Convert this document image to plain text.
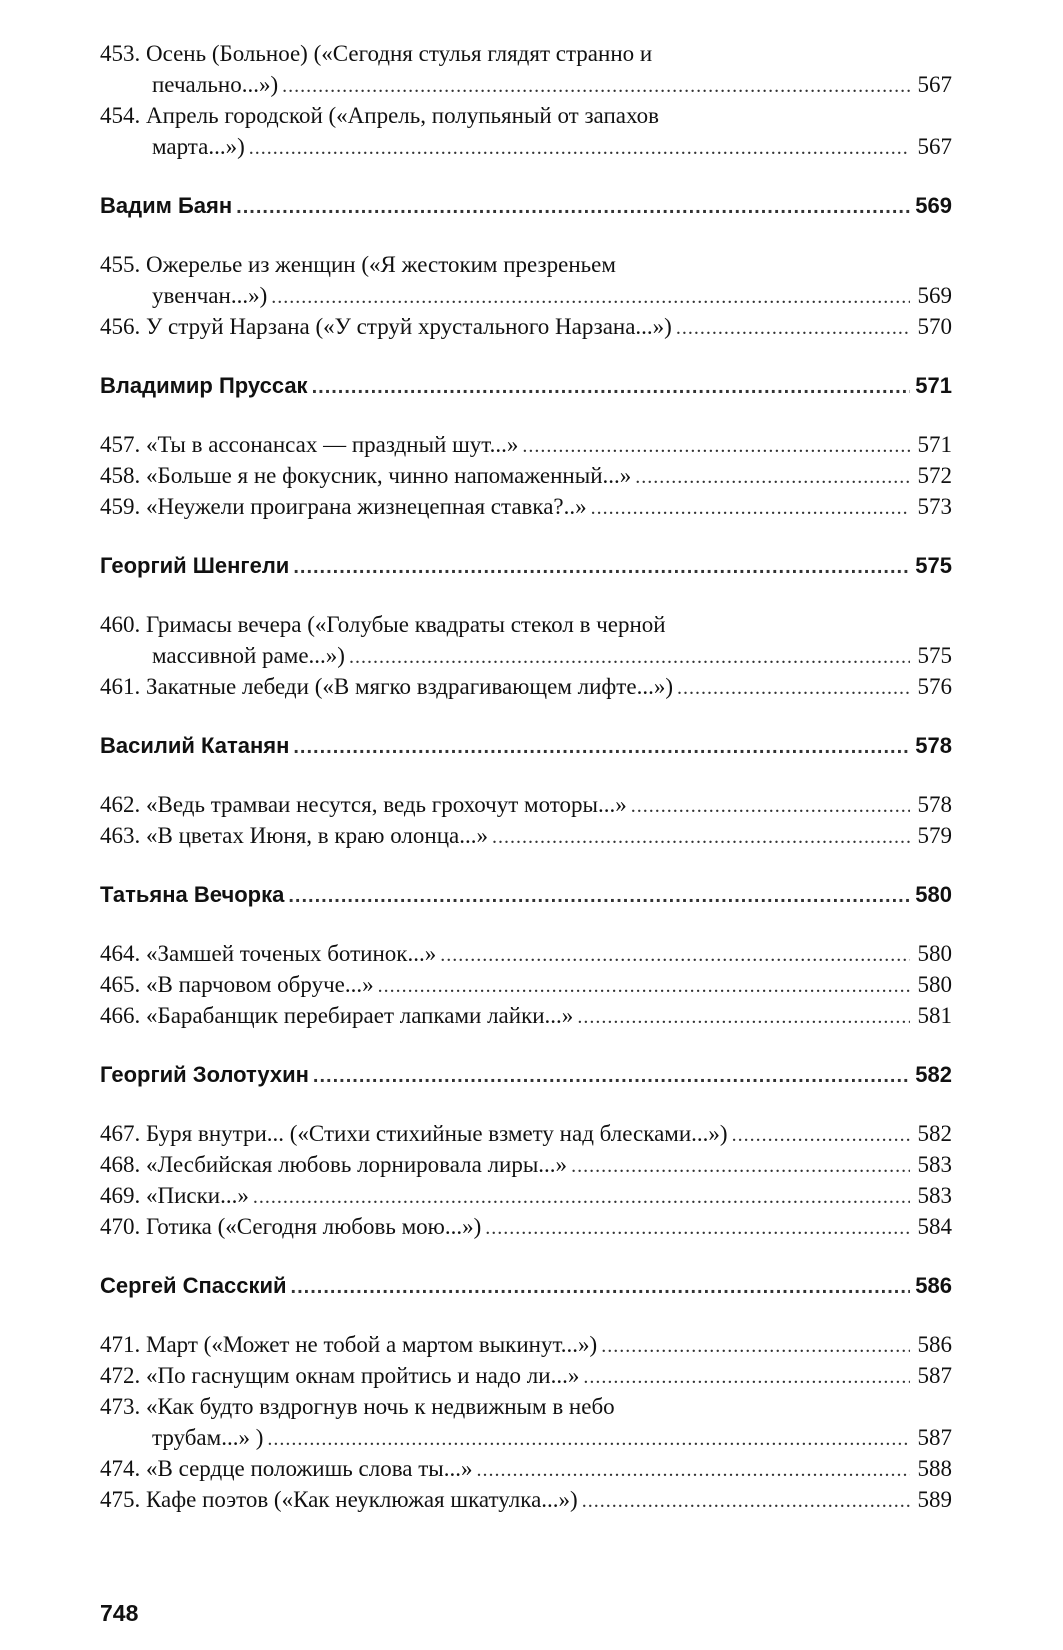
453. Осень (Больное) («Сегодня стулья глядят странно и
печально...») .....	567
454. Апрель городской («Апрель, полупьяный от запахов
марта...») .....	567
Вадим Баян .....	569
455. Ожерелье из женщин («Я жестоким презреньем
увенчан...») .....	569
456. У струй Нарзана («У струй хрустального Нарзана...») .....	570
Владимир Пруссак .....	571
457. «Ты в ассонансах — праздный шут...» .....	571
458. «Больше я не фокусник, чинно напомаженный...» .....	572
459. «Неужели проиграна жизнецепная ставка?..» .....	573
Георгий Шенгели .....	575
460. Гримасы вечера («Голубые квадраты стекол в черной
массивной раме...») .....	575
461. Закатные лебеди («В мягко вздрагивающем лифте...») .....	576
Василий Катанян .....	578
462. «Ведь трамваи несутся, ведь грохочут моторы...» .....	578
463. «В цветах Июня, в краю олонца...» .....	579
Татьяна Вечорка .....	580
464. «Замшей точеных ботинок...» .....	580
465. «В парчовом обруче...» .....	580
466. «Барабанщик перебирает лапками лайки...» .....	581
Георгий Золотухин .....	582
467. Буря внутри... («Стихи стихийные взмету над блесками...») .....	582
468. «Лесбийская любовь лорнировала лиры...» .....	583
469. «Писки...» .....	583
470. Готика («Сегодня любовь мою...») .....	584
Сергей Спасский .....	586
471. Март («Может не тобой а мартом выкинут...») .....	586
472. «По гаснущим окнам пройтись и надо ли...» .....	587
473. «Как будто вздрогнув ночь к недвижным в небо
трубам...» ) .....	587
474. «В сердце положишь слова ты...» .....	588
475. Кафе поэтов («Как неуклюжая шкатулка...») .....	589
748
